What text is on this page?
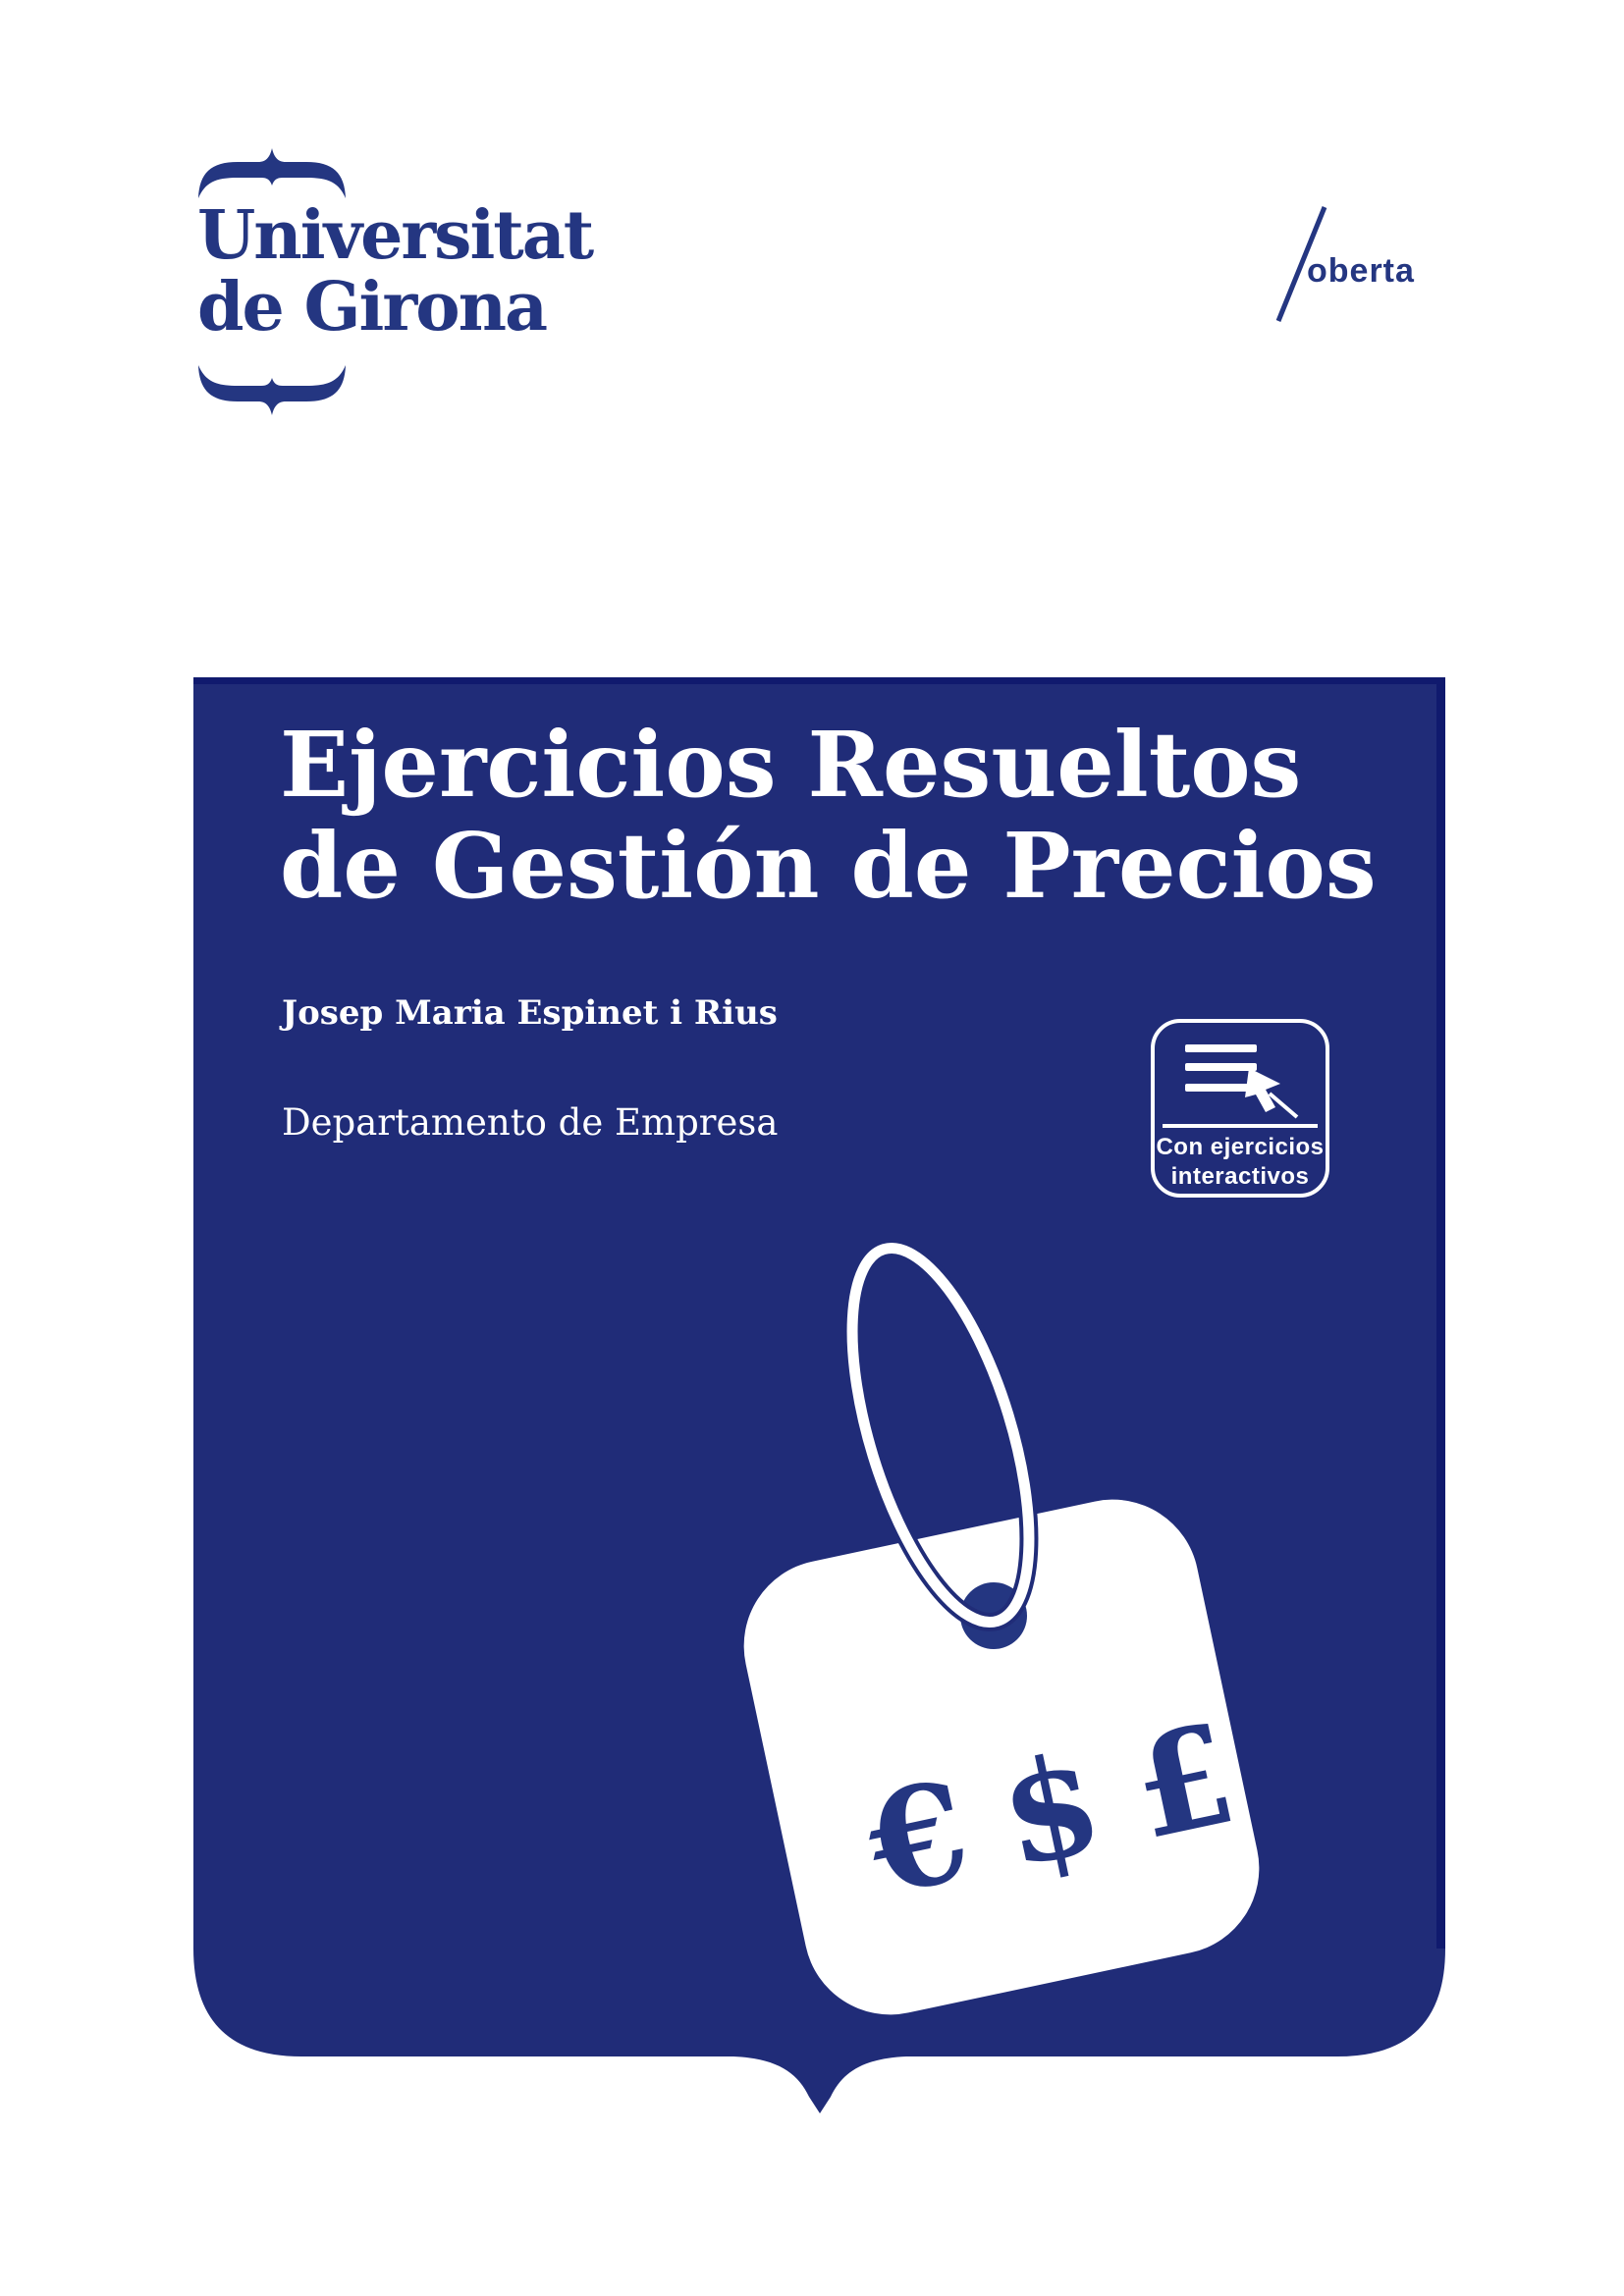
€ $ £
Universitat
de Girona	oberta
Ejercicios Resueltos
de Gestión de Precios
Josep Maria Espinet i Rius
Departamento de Empresa
Con ejercicios
interactivos
